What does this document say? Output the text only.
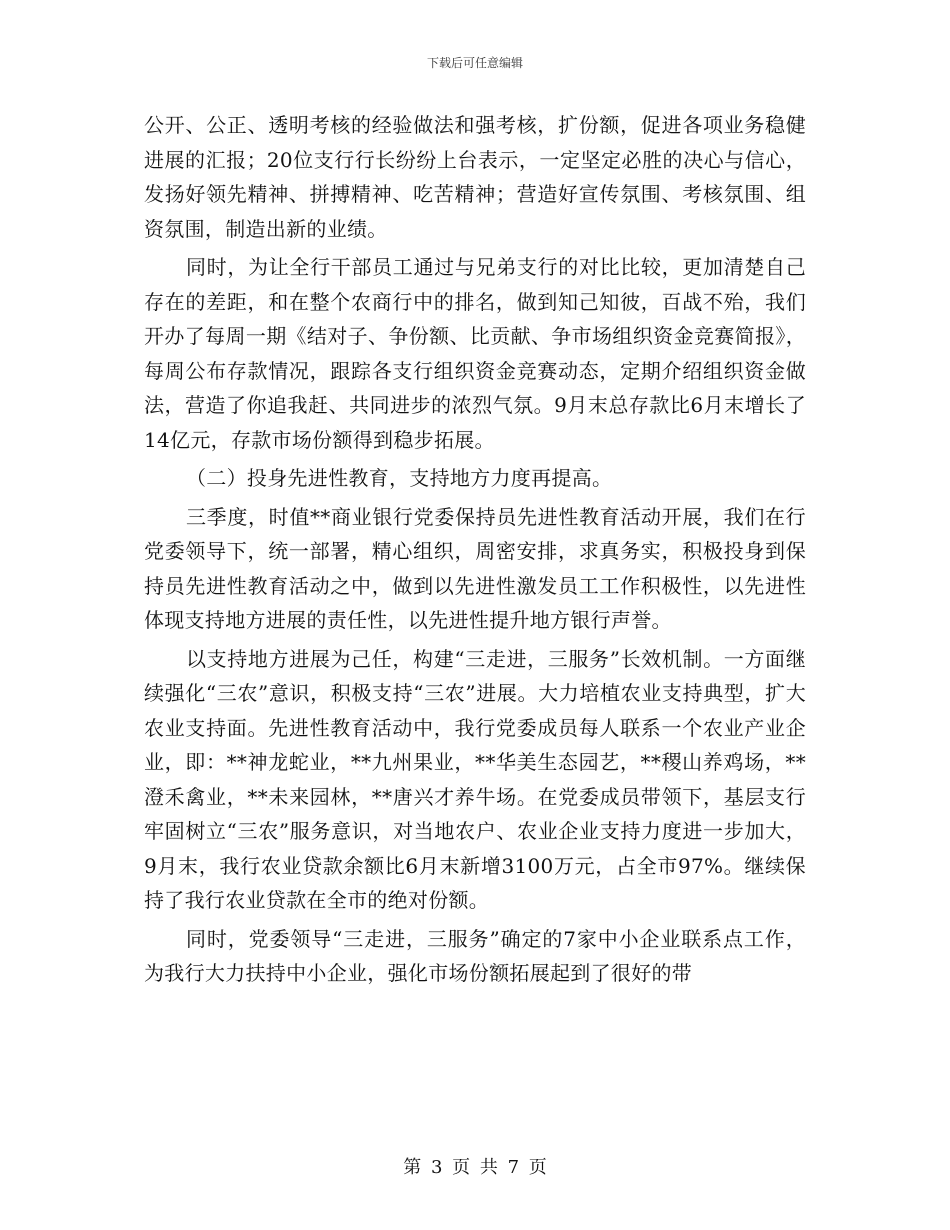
下载后可任意编辑

公开、公正、透明考核的经验做法和强考核，扩份额，促进各项业务稳健进展的汇报；20位支行行长纷纷上台表示，一定坚定必胜的决心与信心，发扬好领先精神、拼搏精神、吃苦精神；营造好宣传氛围、考核氛围、组资氛围，制造出新的业绩。

同时，为让全行干部员工通过与兄弟支行的对比比较，更加清楚自己存在的差距，和在整个农商行中的排名，做到知己知彼，百战不殆，我们开办了每周一期《结对子、争份额、比贡献、争市场组织资金竞赛简报》，每周公布存款情况，跟踪各支行组织资金竞赛动态，定期介绍组织资金做法，营造了你追我赶、共同进步的浓烈气氛。9月末总存款比6月末增长了14亿元，存款市场份额得到稳步拓展。

（二）投身先进性教育，支持地方力度再提高。

三季度，时值**商业银行党委保持员先进性教育活动开展，我们在行党委领导下，统一部署，精心组织，周密安排，求真务实，积极投身到保持员先进性教育活动之中，做到以先进性激发员工工作积极性，以先进性体现支持地方进展的责任性，以先进性提升地方银行声誉。

以支持地方进展为己任，构建“三走进，三服务”长效机制。一方面继续强化“三农”意识，积极支持“三农”进展。大力培植农业支持典型，扩大农业支持面。先进性教育活动中，我行党委成员每人联系一个农业产业企业，即：**神龙蛇业，**九州果业，**华美生态园艺，**稷山养鸡场，**澄禾禽业，**未来园林，**唐兴才养牛场。在党委成员带领下，基层支行牢固树立“三农”服务意识，对当地农户、农业企业支持力度进一步加大，9月末，我行农业贷款余额比6月末新增3100万元，占全市97%。继续保持了我行农业贷款在全市的绝对份额。

同时，党委领导“三走进，三服务”确定的7家中小企业联系点工作，为我行大力扶持中小企业，强化市场份额拓展起到了很好的带

第 3 页 共 7 页
